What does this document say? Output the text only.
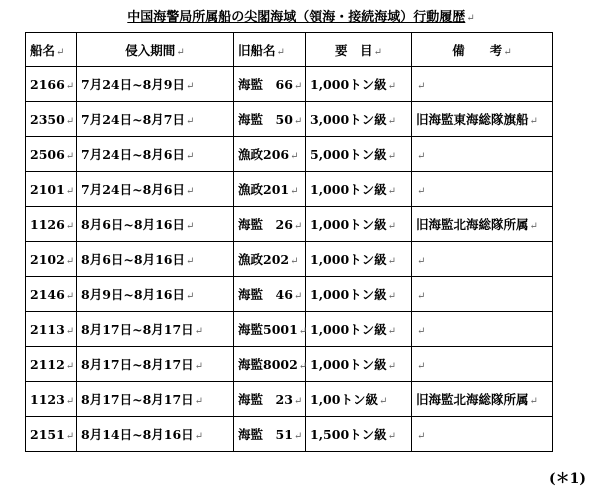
中国海警局所属船の尖閣海域（領海・接続海域）行動履歴↵
船名↵	侵入期間↵	旧船名↵	要　目↵	備　　考↵
2166↵	7月24日~8月9日↵	海監　66↵	1,000トン級↵	↵
2350↵	7月24日~8月7日↵	海監　50↵	3,000トン級↵	旧海監東海総隊旗船↵
2506↵	7月24日~8月6日↵	漁政206↵	5,000トン級↵	↵
2101↵	7月24日~8月6日↵	漁政201↵	1,000トン級↵	↵
1126↵	8月6日~8月16日↵	海監　26↵	1,000トン級↵	旧海監北海総隊所属↵
2102↵	8月6日~8月16日↵	漁政202↵	1,000トン級↵	↵
2146↵	8月9日~8月16日↵	海監　46↵	1,000トン級↵	↵
2113↵	8月17日~8月17日↵	海監5001↵	1,000トン級↵	↵
2112↵	8月17日~8月17日↵	海監8002↵	1,000トン級↵	↵
1123↵	8月17日~8月17日↵	海監　23↵	1,00トン級↵	旧海監北海総隊所属↵
2151↵	8月14日~8月16日↵	海監　51↵	1,500トン級↵	↵
(＊1)
